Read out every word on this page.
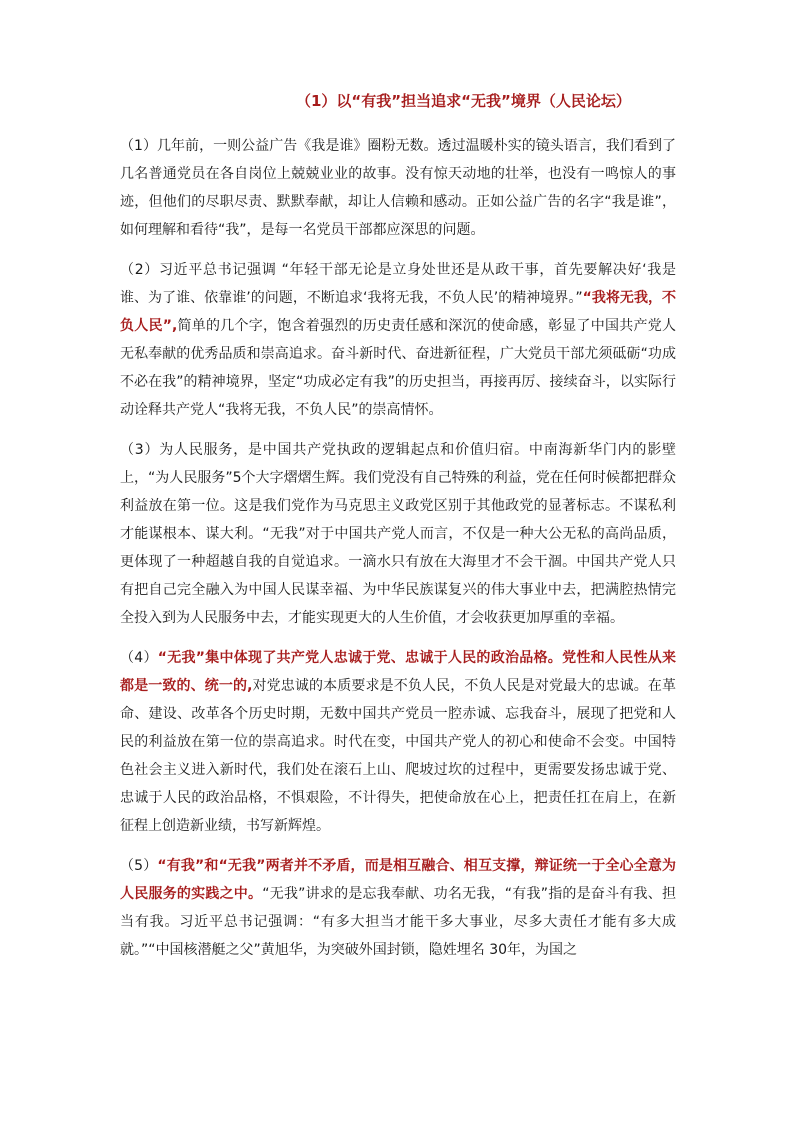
（1）以“有我”担当追求“无我”境界（人民论坛）

（1）几年前，一则公益广告《我是谁》圈粉无数。透过温暖朴实的镜头语言，我们看到了几名普通党员在各自岗位上兢兢业业的故事。没有惊天动地的壮举，也没有一鸣惊人的事迹，但他们的尽职尽责、默默奉献，却让人信赖和感动。正如公益广告的名字“我是谁”，如何理解和看待“我”，是每一名党员干部都应深思的问题。

（2）习近平总书记强调 “年轻干部无论是立身处世还是从政干事，首先要解决好‘我是谁、为了谁、依靠谁’的问题，不断追求‘我将无我，不负人民’的精神境界。”“我将无我，不负人民”,简单的几个字，饱含着强烈的历史责任感和深沉的使命感，彰显了中国共产党人无私奉献的优秀品质和崇高追求。奋斗新时代、奋进新征程，广大党员干部尤须砥砺“功成不必在我”的精神境界，坚定“功成必定有我”的历史担当，再接再厉、接续奋斗，以实际行动诠释共产党人“我将无我，不负人民”的崇高情怀。

（3）为人民服务，是中国共产党执政的逻辑起点和价值归宿。中南海新华门内的影壁上，“为人民服务”5个大字熠熠生辉。我们党没有自己特殊的利益，党在任何时候都把群众利益放在第一位。这是我们党作为马克思主义政党区别于其他政党的显著标志。不谋私利才能谋根本、谋大利。“无我”对于中国共产党人而言，不仅是一种大公无私的高尚品质，更体现了一种超越自我的自觉追求。一滴水只有放在大海里才不会干涸。中国共产党人只有把自己完全融入为中国人民谋幸福、为中华民族谋复兴的伟大事业中去，把满腔热情完全投入到为人民服务中去，才能实现更大的人生价值，才会收获更加厚重的幸福。

（4）“无我”集中体现了共产党人忠诚于党、忠诚于人民的政治品格。党性和人民性从来都是一致的、统一的,对党忠诚的本质要求是不负人民，不负人民是对党最大的忠诚。在革命、建设、改革各个历史时期，无数中国共产党员一腔赤诚、忘我奋斗，展现了把党和人民的利益放在第一位的崇高追求。时代在变，中国共产党人的初心和使命不会变。中国特色社会主义进入新时代，我们处在滚石上山、爬坡过坎的过程中，更需要发扬忠诚于党、忠诚于人民的政治品格，不惧艰险，不计得失，把使命放在心上，把责任扛在肩上，在新征程上创造新业绩，书写新辉煌。

（5）“有我”和“无我”两者并不矛盾，而是相互融合、相互支撑，辩证统一于全心全意为人民服务的实践之中。“无我”讲求的是忘我奉献、功名无我，“有我”指的是奋斗有我、担当有我。习近平总书记强调：“有多大担当才能干多大事业，尽多大责任才能有多大成就。”“中国核潜艇之父”黄旭华，为突破外国封锁，隐姓埋名 30年，为国之
